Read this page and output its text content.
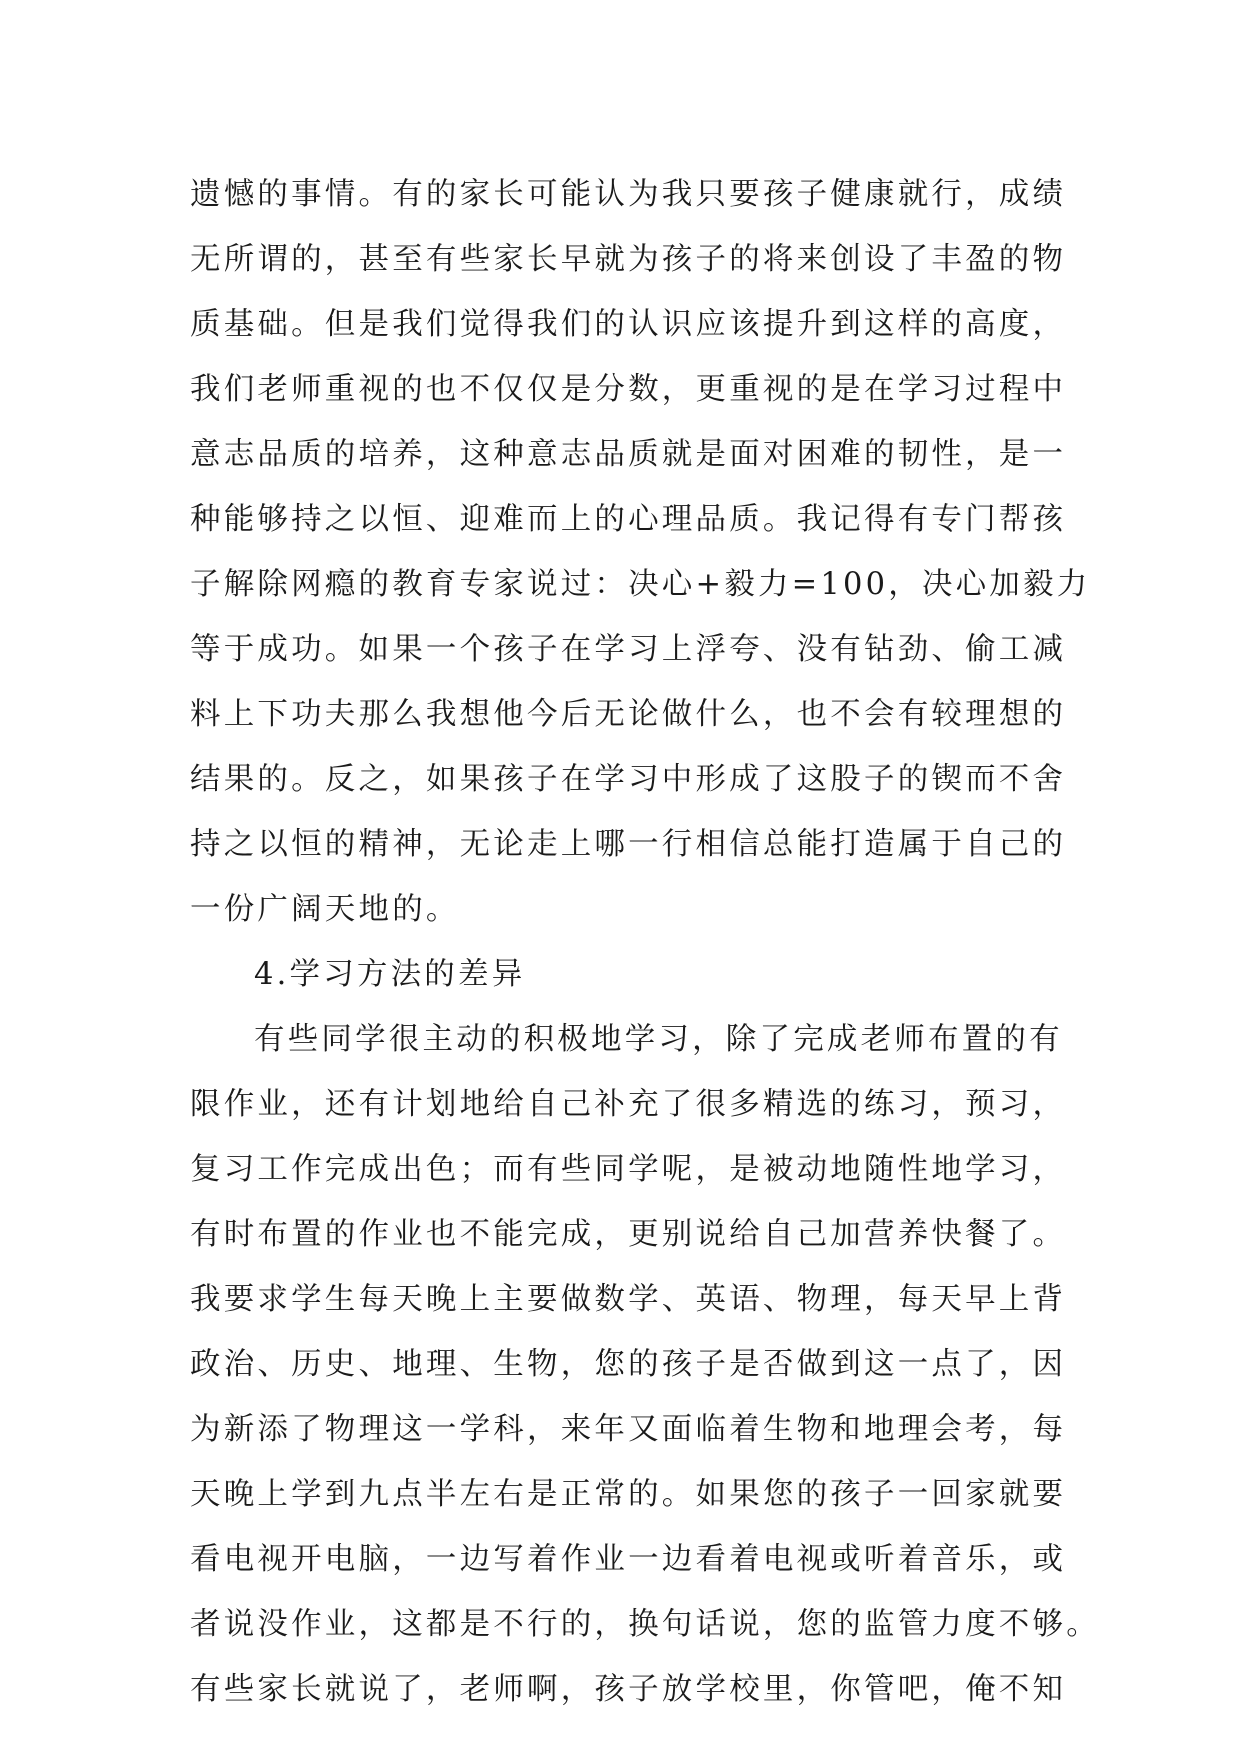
遗憾的事情。有的家长可能认为我只要孩子健康就行，成绩
无所谓的，甚至有些家长早就为孩子的将来创设了丰盈的物
质基础。但是我们觉得我们的认识应该提升到这样的高度，
我们老师重视的也不仅仅是分数，更重视的是在学习过程中
意志品质的培养，这种意志品质就是面对困难的韧性，是一
种能够持之以恒、迎难而上的心理品质。我记得有专门帮孩
子解除网瘾的教育专家说过：决心+毅力=100，决心加毅力
等于成功。如果一个孩子在学习上浮夸、没有钻劲、偷工减
料上下功夫那么我想他今后无论做什么，也不会有较理想的
结果的。反之，如果孩子在学习中形成了这股子的锲而不舍
持之以恒的精神，无论走上哪一行相信总能打造属于自己的
一份广阔天地的。
4.学习方法的差异
有些同学很主动的积极地学习，除了完成老师布置的有
限作业，还有计划地给自己补充了很多精选的练习，预习，
复习工作完成出色；而有些同学呢，是被动地随性地学习，
有时布置的作业也不能完成，更别说给自己加营养快餐了。
我要求学生每天晚上主要做数学、英语、物理，每天早上背
政治、历史、地理、生物，您的孩子是否做到这一点了，因
为新添了物理这一学科，来年又面临着生物和地理会考，每
天晚上学到九点半左右是正常的。如果您的孩子一回家就要
看电视开电脑，一边写着作业一边看着电视或听着音乐，或
者说没作业，这都是不行的，换句话说，您的监管力度不够。
有些家长就说了，老师啊，孩子放学校里，你管吧，俺不知
